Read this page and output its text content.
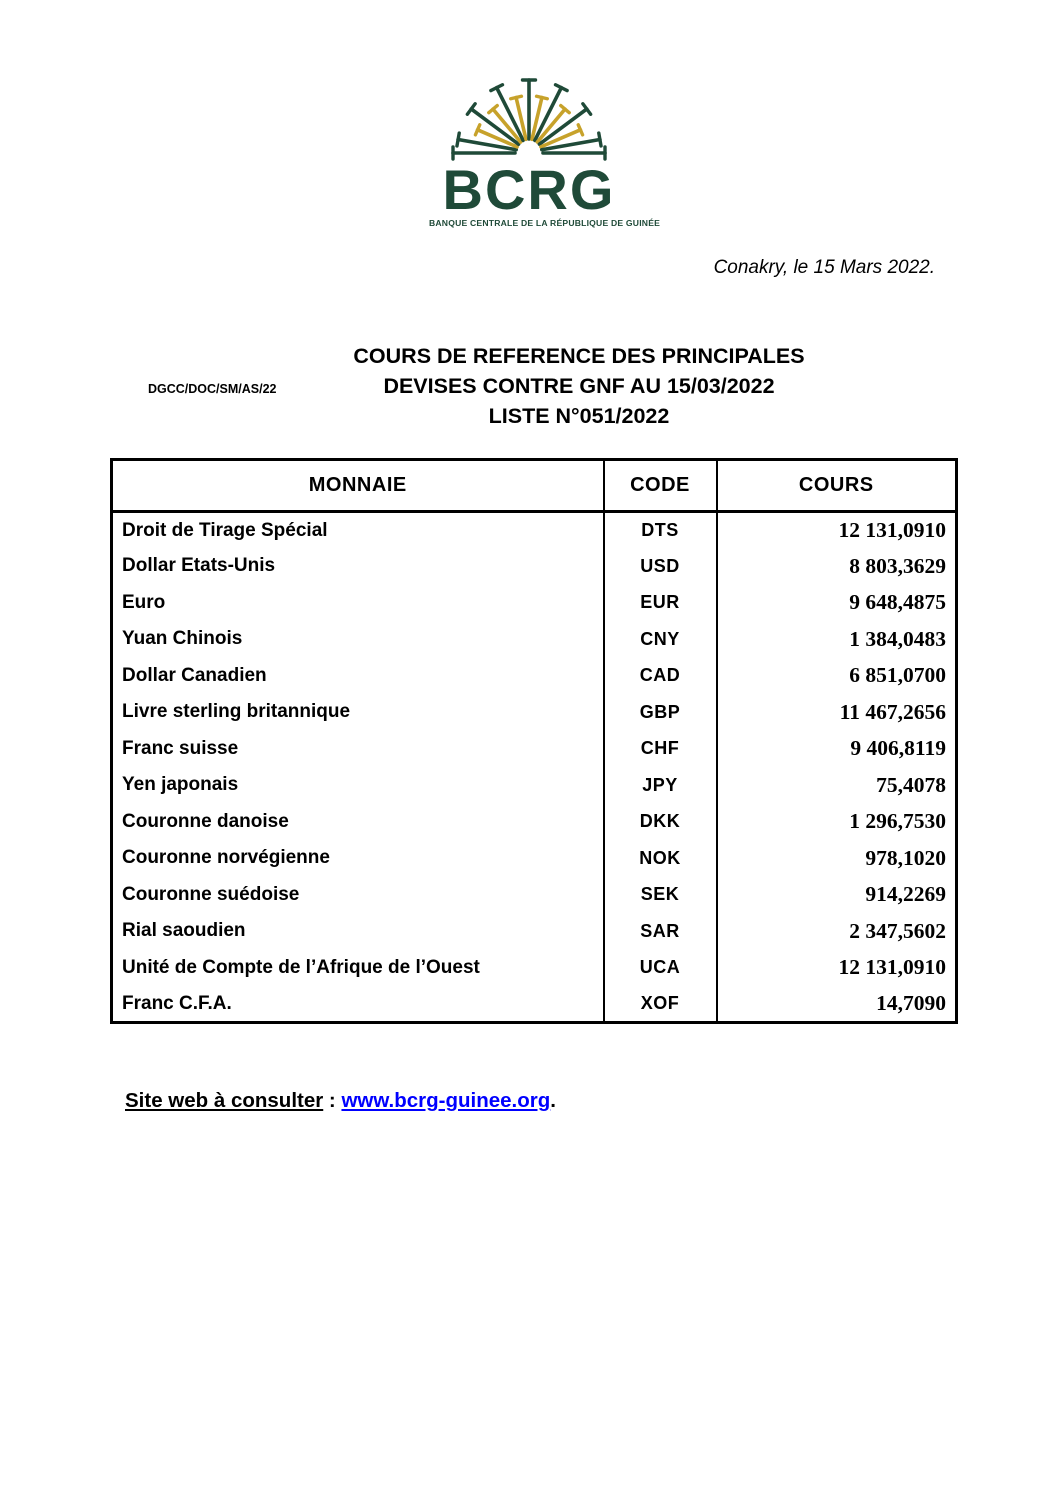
BCRG
BANQUE CENTRALE DE LA RÉPUBLIQUE DE GUINÉE
Conakry, le 15 Mars 2022.
DGCC/DOC/SM/AS/22
COURS DE REFERENCE DES PRINCIPALES
DEVISES CONTRE GNF AU 15/03/2022
LISTE N°051/2022
MONNAIE	CODE	COURS
Droit de Tirage Spécial	DTS	12 131,0910
Dollar Etats-Unis	USD	8 803,3629
Euro	EUR	9 648,4875
Yuan Chinois	CNY	1 384,0483
Dollar Canadien	CAD	6 851,0700
Livre sterling britannique	GBP	11 467,2656
Franc suisse	CHF	9 406,8119
Yen japonais	JPY	75,4078
Couronne danoise	DKK	1 296,7530
Couronne norvégienne	NOK	978,1020
Couronne suédoise	SEK	914,2269
Rial saoudien	SAR	2 347,5602
Unité de Compte de l’Afrique de l’Ouest	UCA	12 131,0910
Franc C.F.A.	XOF	14,7090
Site web à consulter : www.bcrg-guinee.org.
